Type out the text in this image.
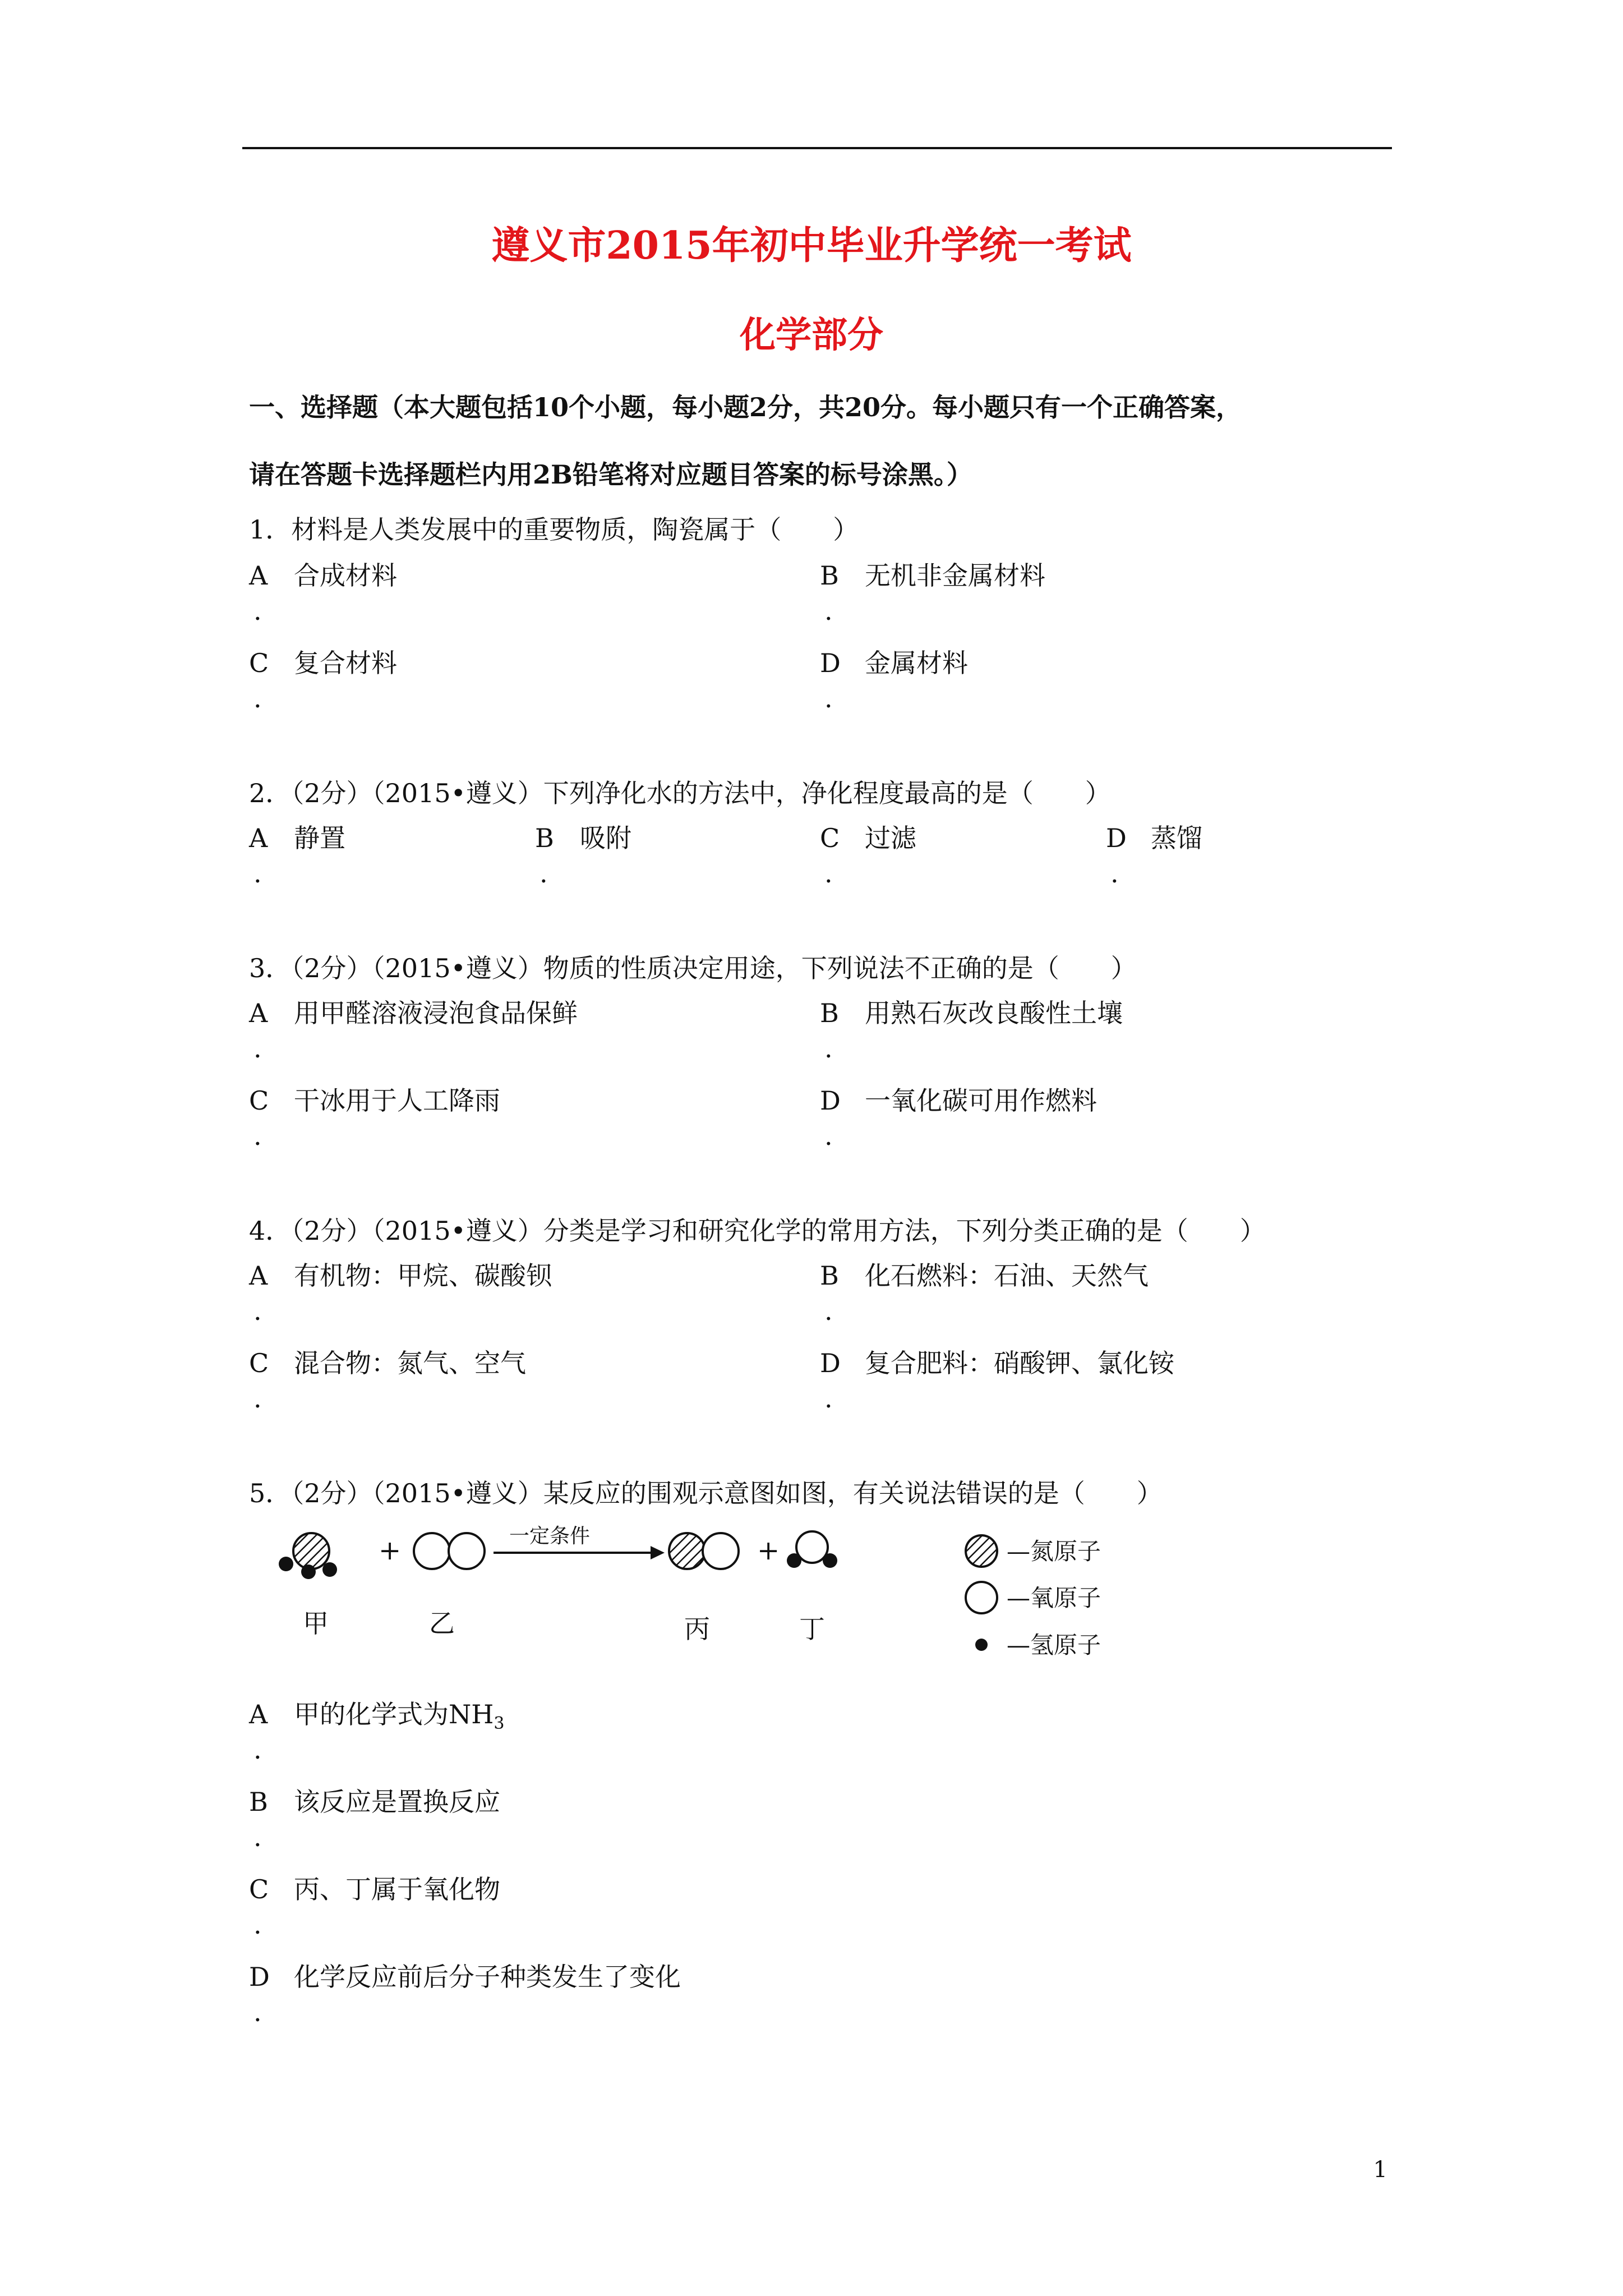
遵义市2015年初中毕业升学统一考试
化学部分
一、选择题（本大题包括10个小题，每小题2分，共20分。每小题只有一个正确答案，
请在答题卡选择题栏内用2B铅笔将对应题目答案的标号涂黑。）
1．材料是人类发展中的重要物质，陶瓷属于（　　）
A 合成材料
.
B 无机非金属材料
.
C 复合材料
.
D 金属材料
.
2．（2分）（2015•遵义）下列净化水的方法中，净化程度最高的是（　　）
A 静置
.
B 吸附
.
C 过滤
.
D 蒸馏
.
3．（2分）（2015•遵义）物质的性质决定用途，下列说法不正确的是（　　）
A 用甲醛溶液浸泡食品保鲜
.
B 用熟石灰改良酸性土壤
.
C 干冰用于人工降雨
.
D 一氧化碳可用作燃料
.
4．（2分）（2015•遵义）分类是学习和研究化学的常用方法，下列分类正确的是（　　）
A 有机物：甲烷、碳酸钡
.
B 化石燃料：石油、天然气
.
C 混合物：氮气、空气
.
D 复合肥料：硝酸钾、氯化铵
.
5．（2分）（2015•遵义）某反应的围观示意图如图，有关说法错误的是（　　）
+	一定条件	+
甲	乙	丙	丁
—氮原子
—氧原子
—氢原子
A 甲的化学式为$NH_3$
.
B 该反应是置换反应
.
C 丙、丁属于氧化物
.
D 化学反应前后分子种类发生了变化
.
1
